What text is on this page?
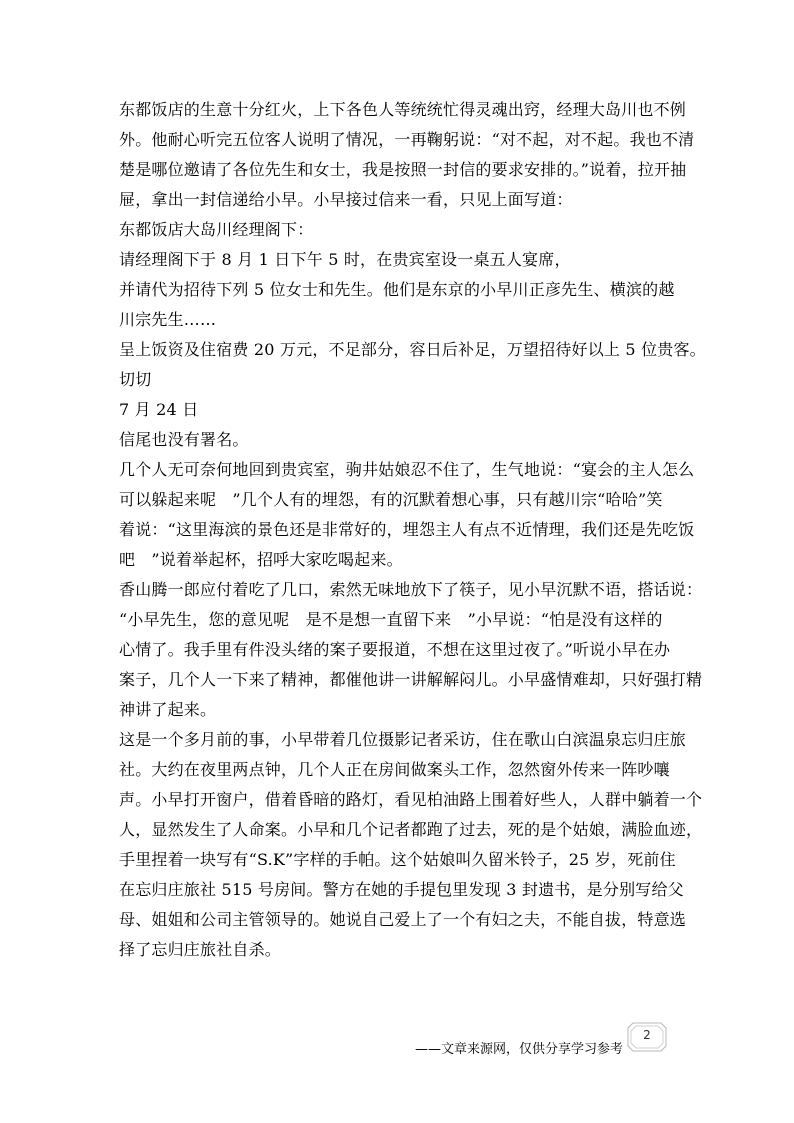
东都饭店的生意十分红火，上下各色人等统统忙得灵魂出窍，经理大岛川也不例
外。他耐心听完五位客人说明了情况，一再鞠躬说：“对不起，对不起。我也不清
楚是哪位邀请了各位先生和女士，我是按照一封信的要求安排的。”说着，拉开抽
屉，拿出一封信递给小早。小早接过信来一看，只见上面写道：
东都饭店大岛川经理阁下：
请经理阁下于 8 月 1 日下午 5 时，在贵宾室设一桌五人宴席，
并请代为招待下列 5 位女士和先生。他们是东京的小早川正彦先生、横滨的越
川宗先生……
呈上饭资及住宿费 20 万元，不足部分，容日后补足，万望招待好以上 5 位贵客。
切切
7 月 24 日
信尾也没有署名。
几个人无可奈何地回到贵宾室，驹井姑娘忍不住了，生气地说：“宴会的主人怎么
可以躲起来呢　”几个人有的埋怨，有的沉默着想心事，只有越川宗“哈哈”笑
着说：“这里海滨的景色还是非常好的，埋怨主人有点不近情理，我们还是先吃饭
吧　”说着举起杯，招呼大家吃喝起来。
香山腾一郎应付着吃了几口，索然无味地放下了筷子，见小早沉默不语，搭话说：
“小早先生，您的意见呢　是不是想一直留下来　”小早说：“怕是没有这样的
心情了。我手里有件没头绪的案子要报道，不想在这里过夜了。”听说小早在办
案子，几个人一下来了精神，都催他讲一讲解解闷儿。小早盛情难却，只好强打精
神讲了起来。
这是一个多月前的事，小早带着几位摄影记者采访，住在歌山白滨温泉忘归庄旅
社。大约在夜里两点钟，几个人正在房间做案头工作，忽然窗外传来一阵吵嚷
声。小早打开窗户，借着昏暗的路灯，看见柏油路上围着好些人，人群中躺着一个
人，显然发生了人命案。小早和几个记者都跑了过去，死的是个姑娘，满脸血迹，
手里捏着一块写有“S.K”字样的手帕。这个姑娘叫久留米铃子，25 岁，死前住
在忘归庄旅社 515 号房间。警方在她的手提包里发现 3 封遗书，是分别写给父
母、姐姐和公司主管领导的。她说自己爱上了一个有妇之夫，不能自拔，特意选
择了忘归庄旅社自杀。
——文章来源网，仅供分享学习参考
2
